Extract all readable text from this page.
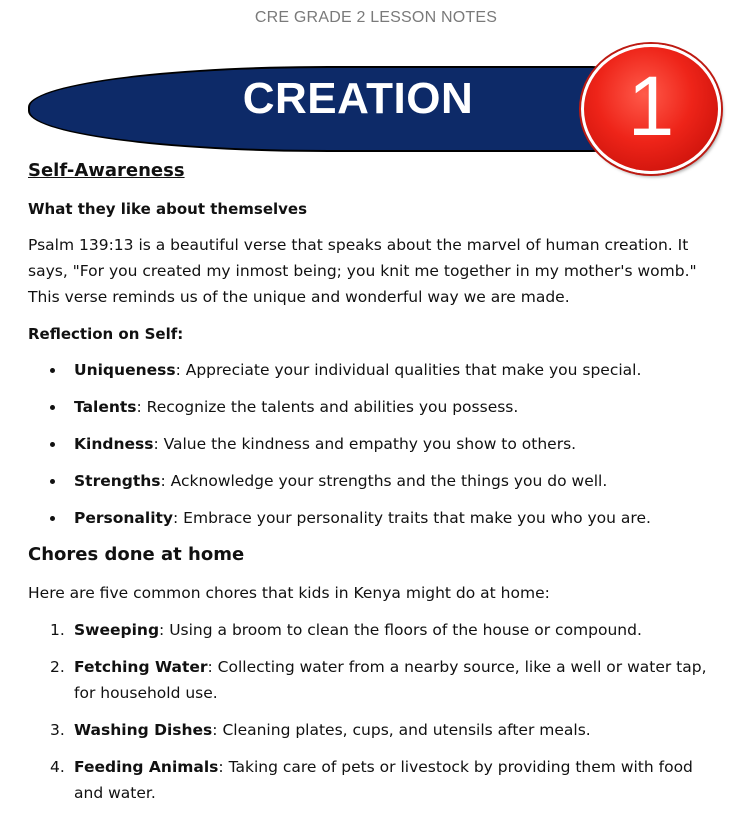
CRE GRADE 2 LESSON NOTES
CREATION	1
Self-Awareness

What they like about themselves

Psalm 139:13 is a beautiful verse that speaks about the marvel of human creation. It says, "For you created my inmost being; you knit me together in my mother's womb." This verse reminds us of the unique and wonderful way we are made.

Reflection on Self:

Uniqueness: Appreciate your individual qualities that make you special.
Talents: Recognize the talents and abilities you possess.
Kindness: Value the kindness and empathy you show to others.
Strengths: Acknowledge your strengths and the things you do well.
Personality: Embrace your personality traits that make you who you are.
Chores done at home

Here are five common chores that kids in Kenya might do at home:

1. Sweeping: Using a broom to clean the floors of the house or compound.
2. Fetching Water: Collecting water from a nearby source, like a well or water tap, for household use.
3. Washing Dishes: Cleaning plates, cups, and utensils after meals.
4. Feeding Animals: Taking care of pets or livestock by providing them with food and water.
